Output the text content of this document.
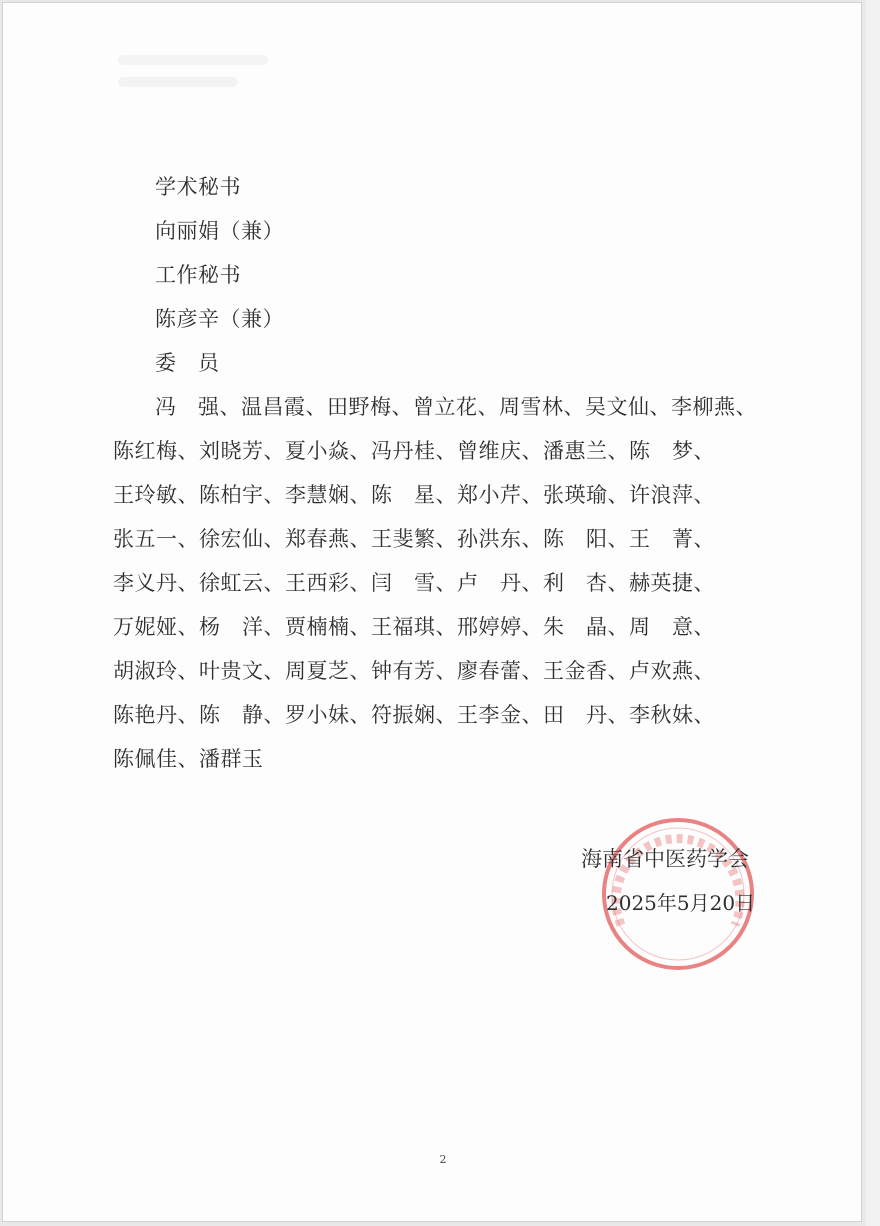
学术秘书
向丽娟（兼）
工作秘书
陈彦辛（兼）
委　员
冯　强、温昌霞、田野梅、曾立花、周雪林、吴文仙、李柳燕、
陈红梅、刘晓芳、夏小焱、冯丹桂、曾维庆、潘惠兰、陈　梦、
王玲敏、陈柏宇、李慧娴、陈　星、郑小芹、张瑛瑜、许浪萍、
张五一、徐宏仙、郑春燕、王斐繁、孙洪东、陈　阳、王　菁、
李义丹、徐虹云、王西彩、闫　雪、卢　丹、利　杏、赫英捷、
万妮娅、杨　洋、贾楠楠、王福琪、邢婷婷、朱　晶、周　意、
胡淑玲、叶贵文、周夏芝、钟有芳、廖春蕾、王金香、卢欢燕、
陈艳丹、陈　静、罗小妹、符振娴、王李金、田　丹、李秋妹、
陈佩佳、潘群玉
海南省中医药学会
2025年5月20日
2
